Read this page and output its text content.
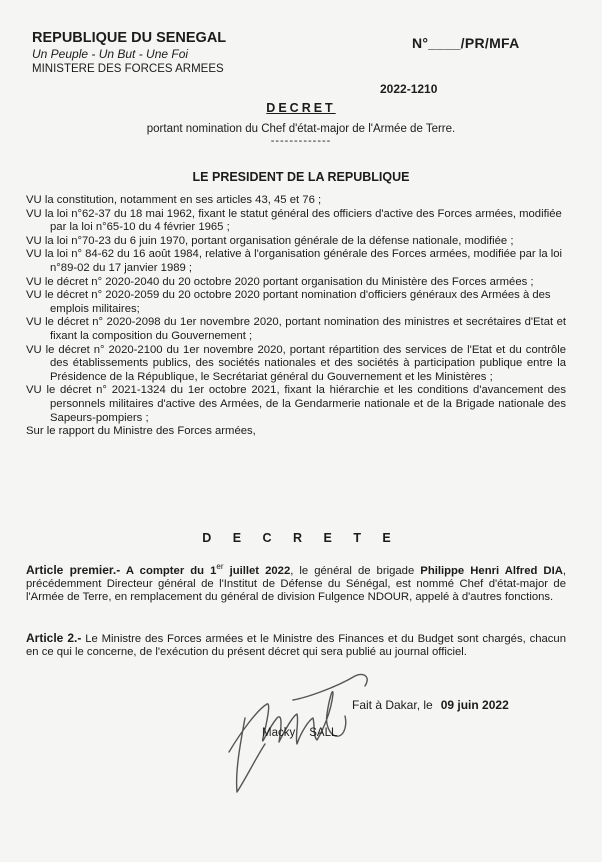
REPUBLIQUE DU SENEGAL
Un Peuple - Un But - Une Foi
MINISTERE DES FORCES ARMEES
N°____/PR/MFA
2022-1210
DECRET
portant nomination du Chef d'état-major de l'Armée de Terre.
-------------
LE PRESIDENT DE LA REPUBLIQUE

VU la constitution, notamment en ses articles 43, 45 et 76 ;

VU la loi n°62-37 du 18 mai 1962, fixant le statut général des officiers d'active des Forces armées, modifiée par la loi n°65-10 du 4 février 1965 ;

VU la loi n°70-23 du 6 juin 1970, portant organisation générale de la défense nationale, modifiée ;

VU la loi n° 84-62 du 16 août 1984, relative à l'organisation générale des Forces armées, modifiée par la loi n°89-02 du 17 janvier 1989 ;

VU le décret n° 2020-2040 du 20 octobre 2020 portant organisation du Ministère des Forces armées ;

VU le décret n° 2020-2059 du 20 octobre 2020 portant nomination d'officiers généraux des Armées à des emplois militaires;

VU le décret n° 2020-2098 du 1er novembre 2020, portant nomination des ministres et secrétaires d'Etat et fixant la composition du Gouvernement ;

VU le décret n° 2020-2100 du 1er novembre 2020, portant répartition des services de l'Etat et du contrôle des établissements publics, des sociétés nationales et des sociétés à participation publique entre la Présidence de la République, le Secrétariat général du Gouvernement et les Ministères ;

VU le décret n° 2021-1324 du 1er octobre 2021, fixant la hiérarchie et les conditions d'avancement des personnels militaires d'active des Armées, de la Gendarmerie nationale et de la Brigade nationale des Sapeurs-pompiers ;

Sur le rapport du Ministre des Forces armées,

D E C R E T E
Article premier.- A compter du 1er juillet 2022, le général de brigade Philippe Henri Alfred DIA, précédemment Directeur général de l'Institut de Défense du Sénégal, est nommé Chef d'état-major de l'Armée de Terre, en remplacement du général de division Fulgence NDOUR, appelé à d'autres fonctions.
Article 2.- Le Ministre des Forces armées et le Ministre des Finances et du Budget sont chargés, chacun en ce qui le concerne, de l'exécution du présent décret qui sera publié au journal officiel.
Fait à Dakar, le 09 juin 2022
Macky SALL
